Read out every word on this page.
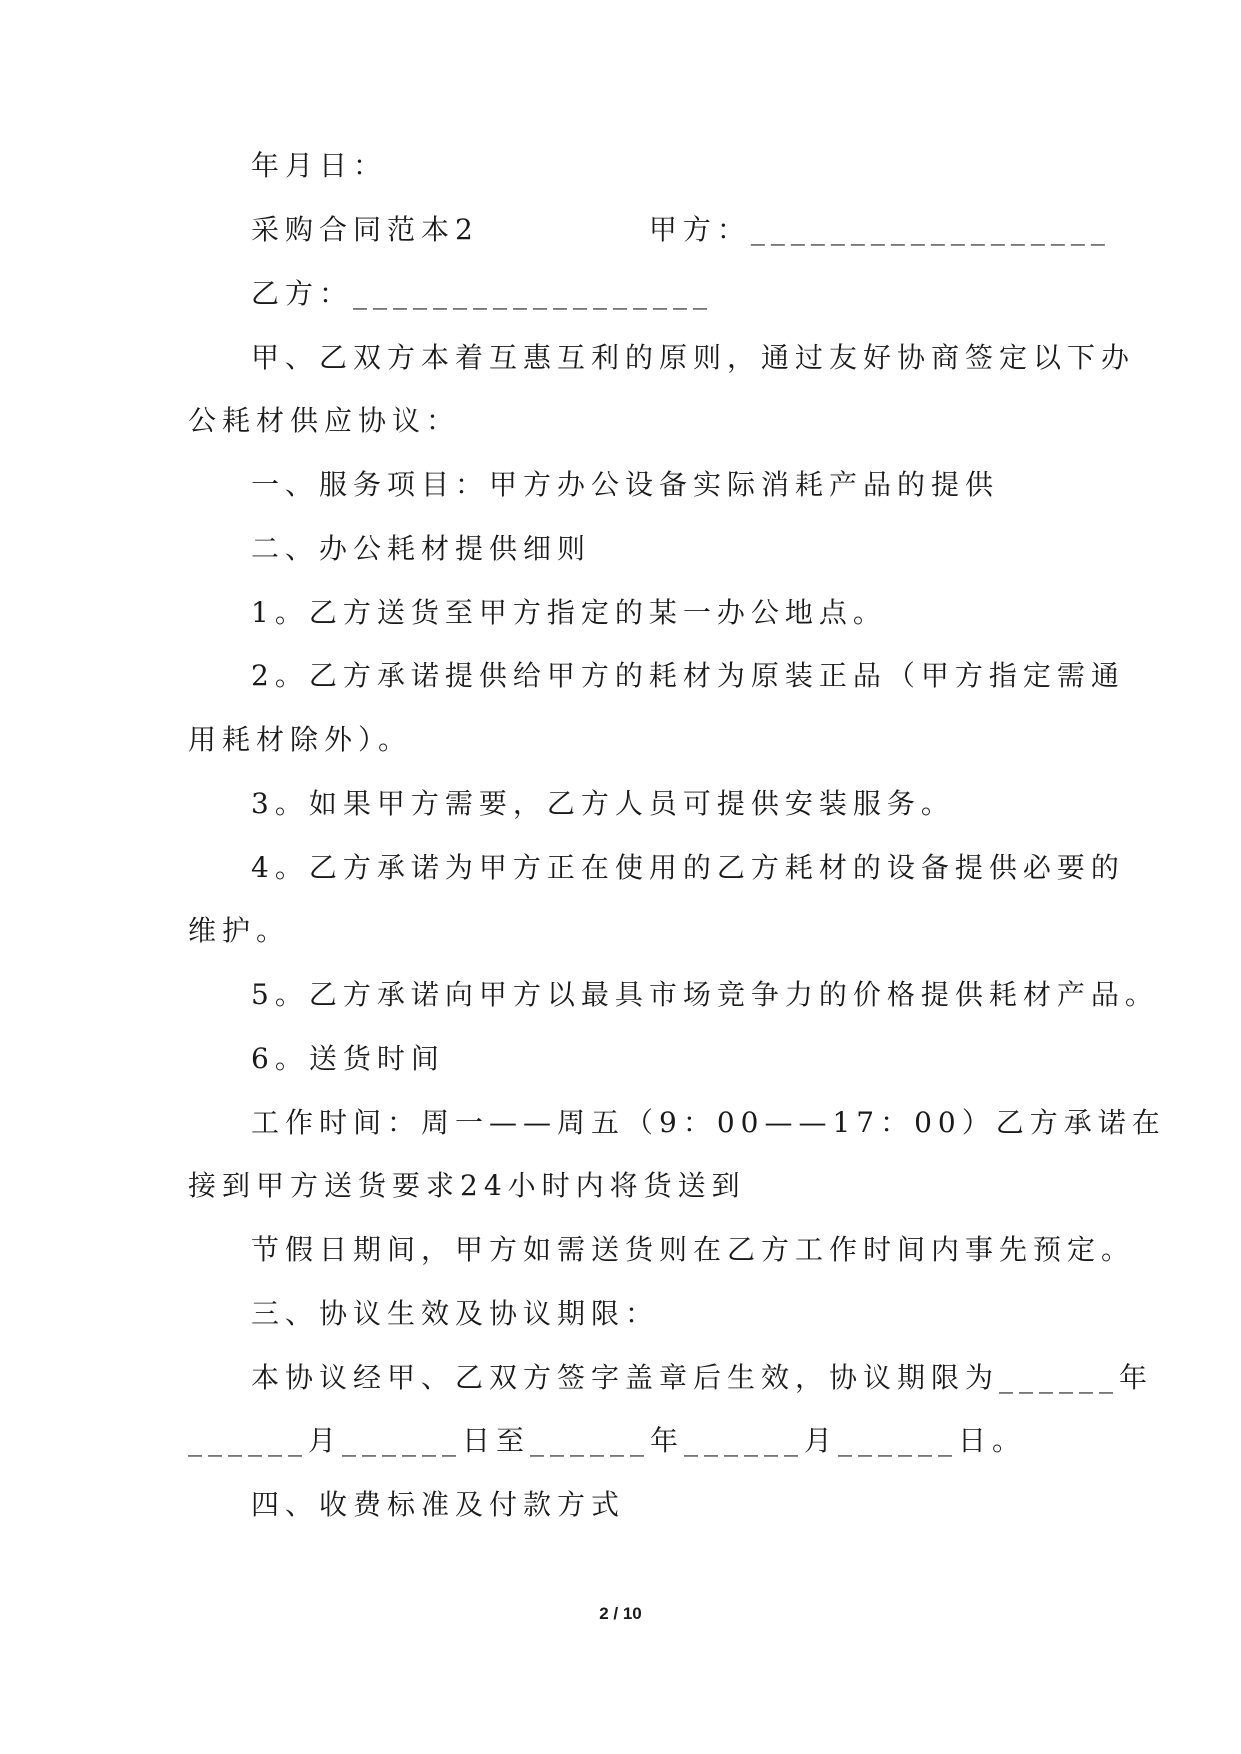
年月日：
采购合同范本2　　　　　甲方：__________________
乙方：__________________
甲、乙双方本着互惠互利的原则，通过友好协商签定以下办
公耗材供应协议：
一、服务项目：甲方办公设备实际消耗产品的提供
二、办公耗材提供细则
1。乙方送货至甲方指定的某一办公地点。
2。乙方承诺提供给甲方的耗材为原装正品（甲方指定需通
用耗材除外）。
3。如果甲方需要，乙方人员可提供安装服务。
4。乙方承诺为甲方正在使用的乙方耗材的设备提供必要的
维护。
5。乙方承诺向甲方以最具市场竞争力的价格提供耗材产品。
6。送货时间
工作时间：周一——周五（9：00——17：00）乙方承诺在
接到甲方送货要求24小时内将货送到
节假日期间，甲方如需送货则在乙方工作时间内事先预定。
三、协议生效及协议期限：
本协议经甲、乙双方签字盖章后生效，协议期限为______年
______月______日至______年______月______日。
四、收费标准及付款方式
2 / 10
